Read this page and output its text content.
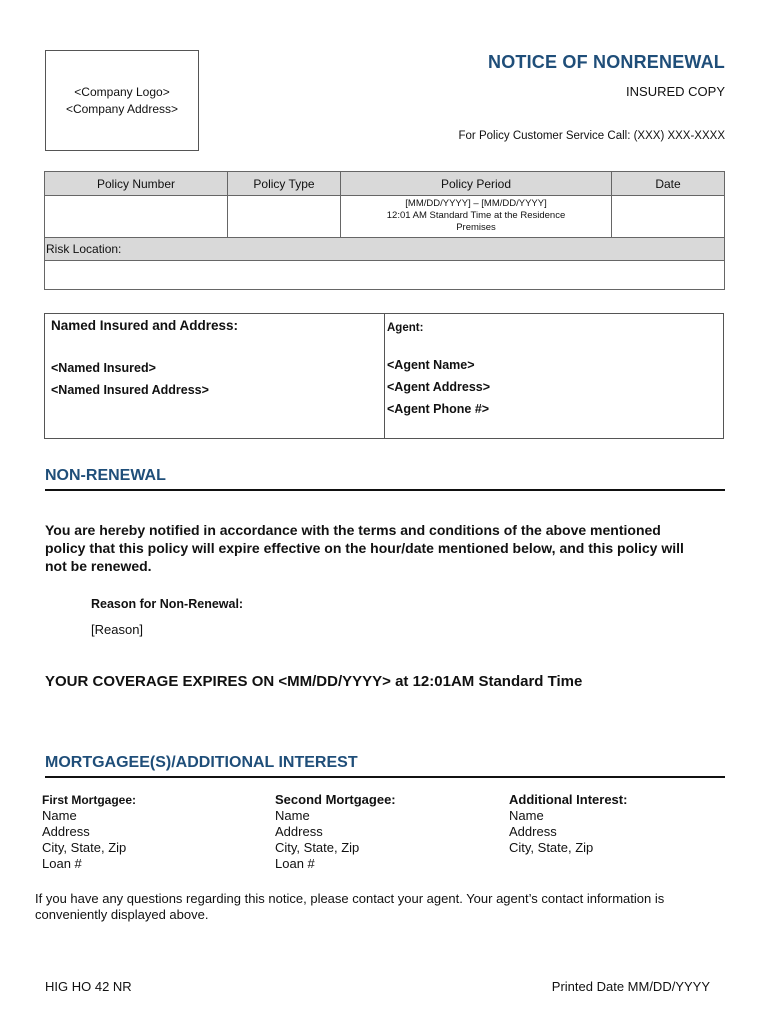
<Company Logo>
<Company Address>
NOTICE OF NONRENEWAL
INSURED COPY
For Policy Customer Service Call: (XXX) XXX-XXXX
Policy Number	Policy Type	Policy Period	Date

		[MM/DD/YYYY] – [MM/DD/YYYY]
12:01 AM Standard Time at the Residence
Premises	

Risk Location:			

Named Insured and Address:
<Named Insured>
<Named Insured Address>
Agent:
<Agent Name>
<Agent Address>
<Agent Phone #>
NON-RENEWAL
You are hereby notified in accordance with the terms and conditions of the above mentioned policy that this policy will expire effective on the hour/date mentioned below, and this policy will not be renewed.
Reason for Non-Renewal:
[Reason]
YOUR COVERAGE EXPIRES ON <MM/DD/YYYY> at 12:01AM Standard Time
MORTGAGEE(S)/ADDITIONAL INTEREST
First Mortgagee:
Name
Address
City, State, Zip
Loan #
Second Mortgagee:
Name
Address
City, State, Zip
Loan #
Additional Interest:
Name
Address
City, State, Zip
If you have any questions regarding this notice, please contact your agent. Your agent’s contact information is conveniently displayed above.
HIG HO 42 NR	Printed Date MM/DD/YYYY
